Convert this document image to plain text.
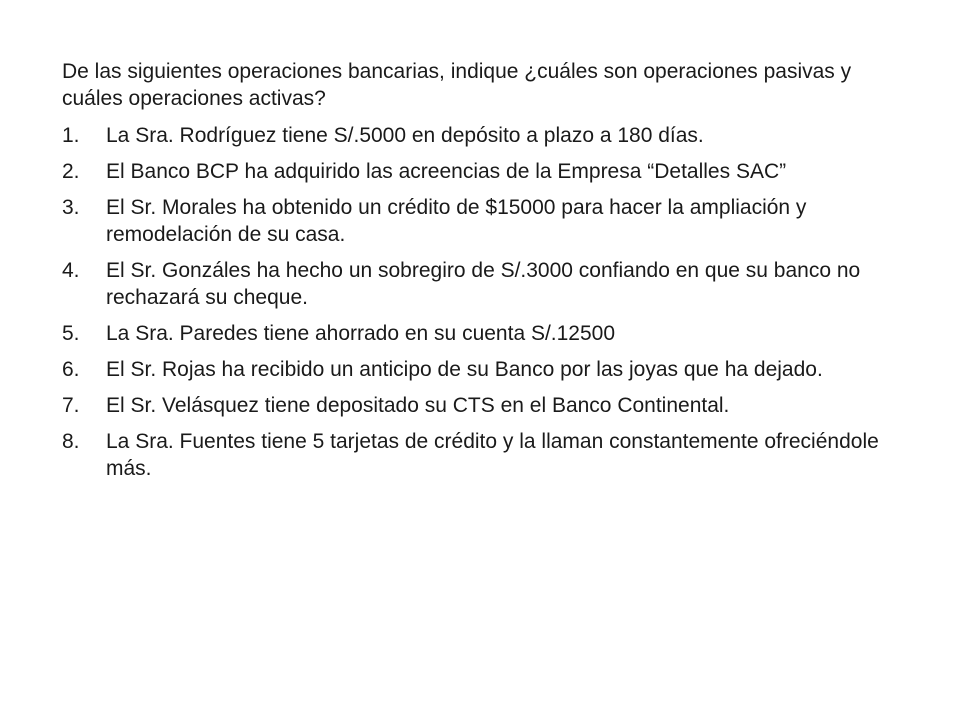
De las siguientes operaciones bancarias, indique ¿cuáles son operaciones pasivas y cuáles operaciones activas?

1.	La Sra. Rodríguez tiene S/.5000 en depósito a plazo a 180 días.
2.	El Banco BCP ha adquirido las acreencias de la Empresa “Detalles SAC”
3.	El Sr. Morales ha obtenido un crédito de $15000 para hacer la ampliación y remodelación de su casa.
4.	El Sr. Gonzáles ha hecho un sobregiro de S/.3000 confiando en que su banco no rechazará su cheque.
5.	La Sra. Paredes tiene ahorrado en su cuenta S/.12500
6.	El Sr. Rojas ha recibido un anticipo de su Banco por las joyas que ha dejado.
7.	El Sr. Velásquez tiene depositado su CTS en el Banco Continental.
8.	La Sra. Fuentes tiene 5 tarjetas de crédito y la llaman constantemente ofreciéndole más.
